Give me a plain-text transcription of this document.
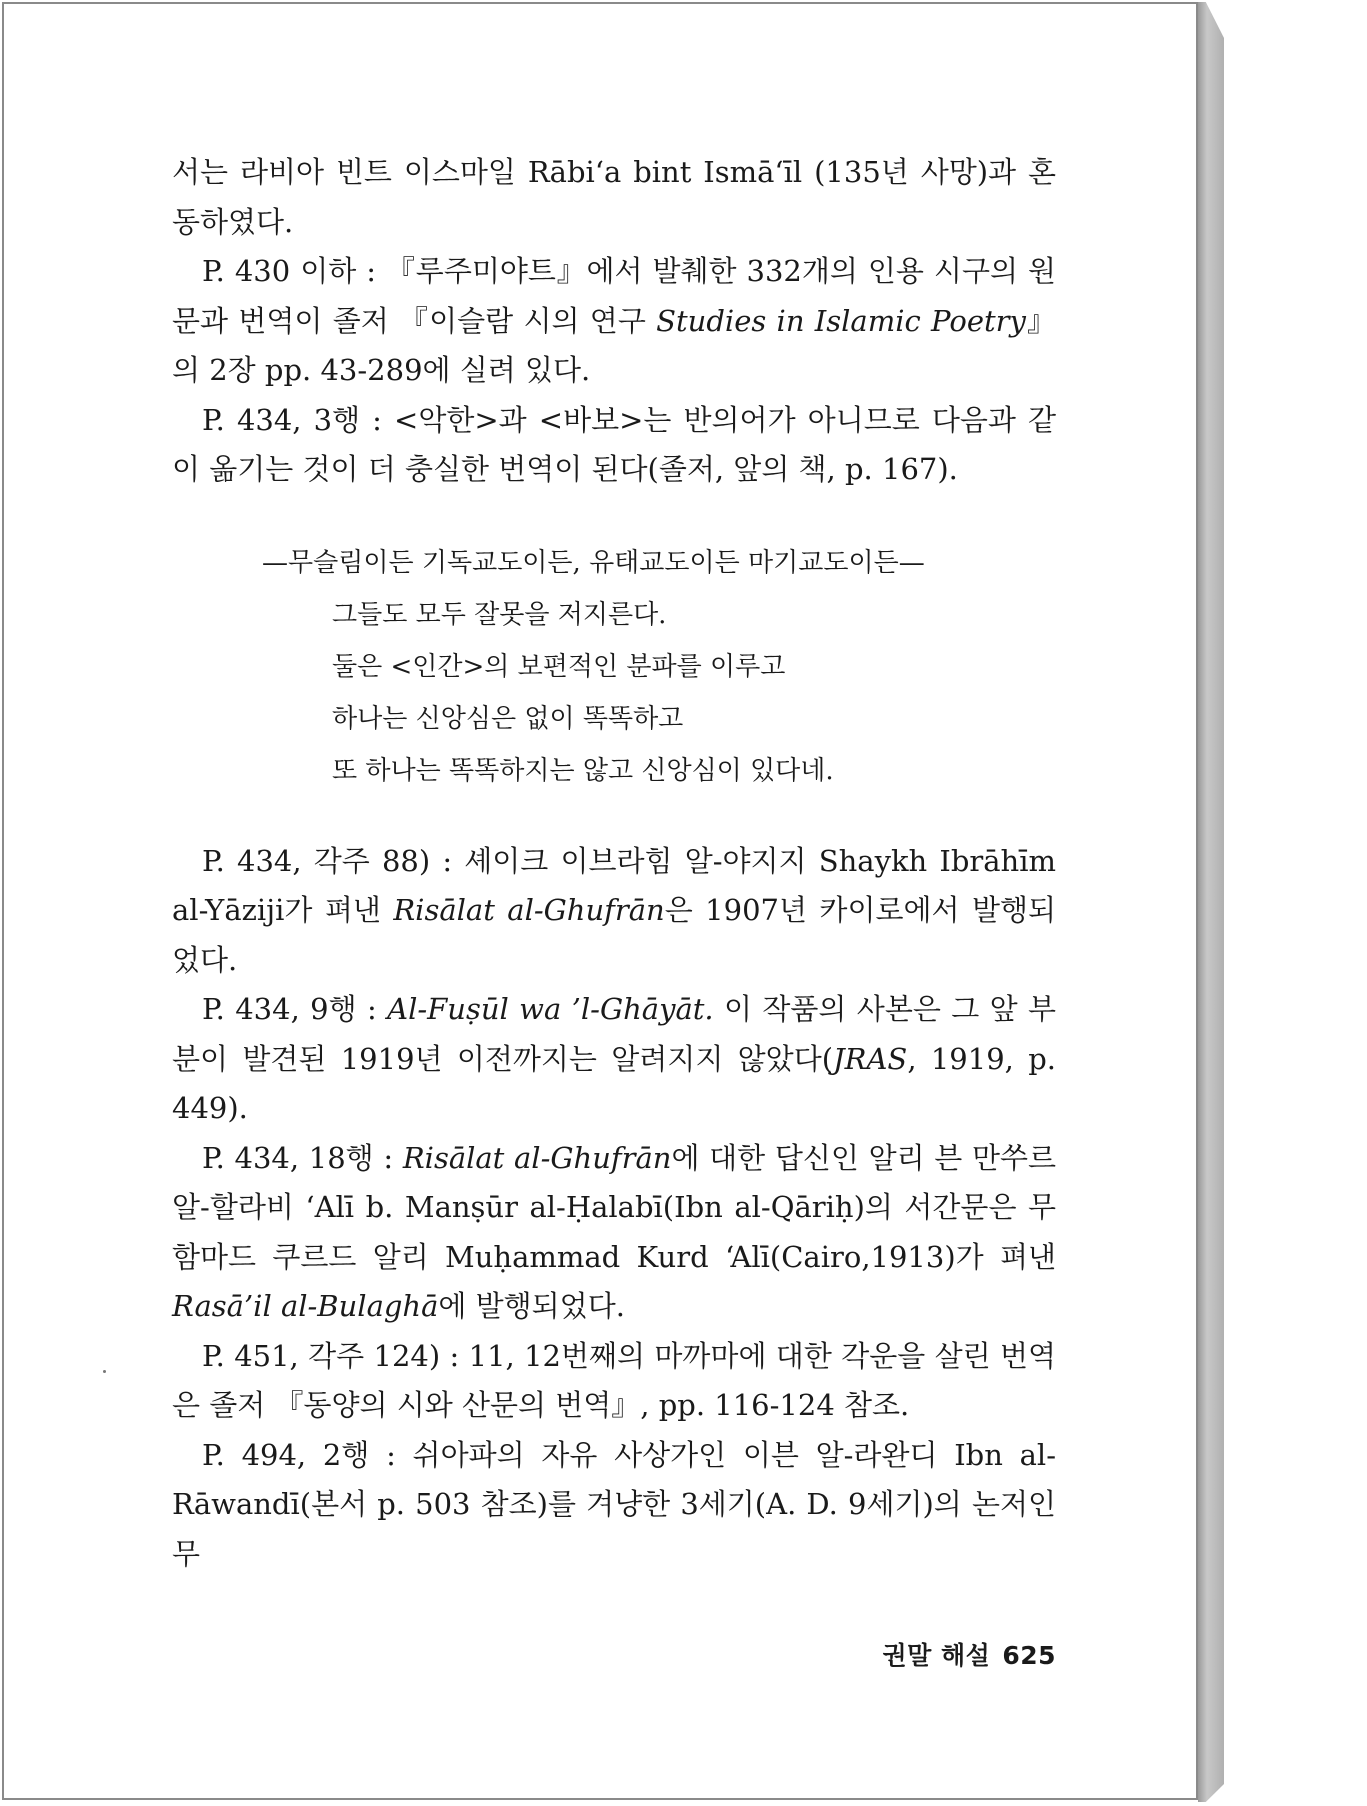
서는 라비아 빈트 이스마일 Rābi‘a bint Ismā‘īl (135년 사망)과 혼동하였다.

P. 430 이하 : 『루주미야트』에서 발췌한 332개의 인용 시구의 원문과 번역이 졸저 『이슬람 시의 연구 Studies in Islamic Poetry』의 2장 pp. 43-289에 실려 있다.

P. 434, 3행 : <악한>과 <바보>는 반의어가 아니므로 다음과 같이 옮기는 것이 더 충실한 번역이 된다(졸저, 앞의 책, p. 167).

—무슬림이든 기독교도이든, 유태교도이든 마기교도이든—
그들도 모두 잘못을 저지른다.
둘은 <인간>의 보편적인 분파를 이루고
하나는 신앙심은 없이 똑똑하고
또 하나는 똑똑하지는 않고 신앙심이 있다네.

P. 434, 각주 88) : 셰이크 이브라힘 알-야지지 Shaykh Ibrāhīm al-Yāziji가 펴낸 Risālat al-Ghufrān은 1907년 카이로에서 발행되었다.

P. 434, 9행 : Al-Fuṣūl wa ’l-Ghāyāt. 이 작품의 사본은 그 앞 부분이 발견된 1919년 이전까지는 알려지지 않았다(JRAS, 1919, p. 449).

P. 434, 18행 : Risālat al-Ghufrān에 대한 답신인 알리 븐 만쑤르 알-할라비 ‘Alī b. Manṣūr al-Ḥalabī(Ibn al-Qāriḥ)의 서간문은 무함마드 쿠르드 알리 Muḥammad Kurd ‘Alī(Cairo,1913)가 펴낸 Rasā’il al-Bulaghā에 발행되었다.

P. 451, 각주 124) : 11, 12번째의 마까마에 대한 각운을 살린 번역은 졸저 『동양의 시와 산문의 번역』, pp. 116-124 참조.

P. 494, 2행 : 쉬아파의 자유 사상가인 이븐 알-라완디 Ibn al-Rāwandī(본서 p. 503 참조)를 겨냥한 3세기(A. D. 9세기)의 논저인 무

권말 해설 625
